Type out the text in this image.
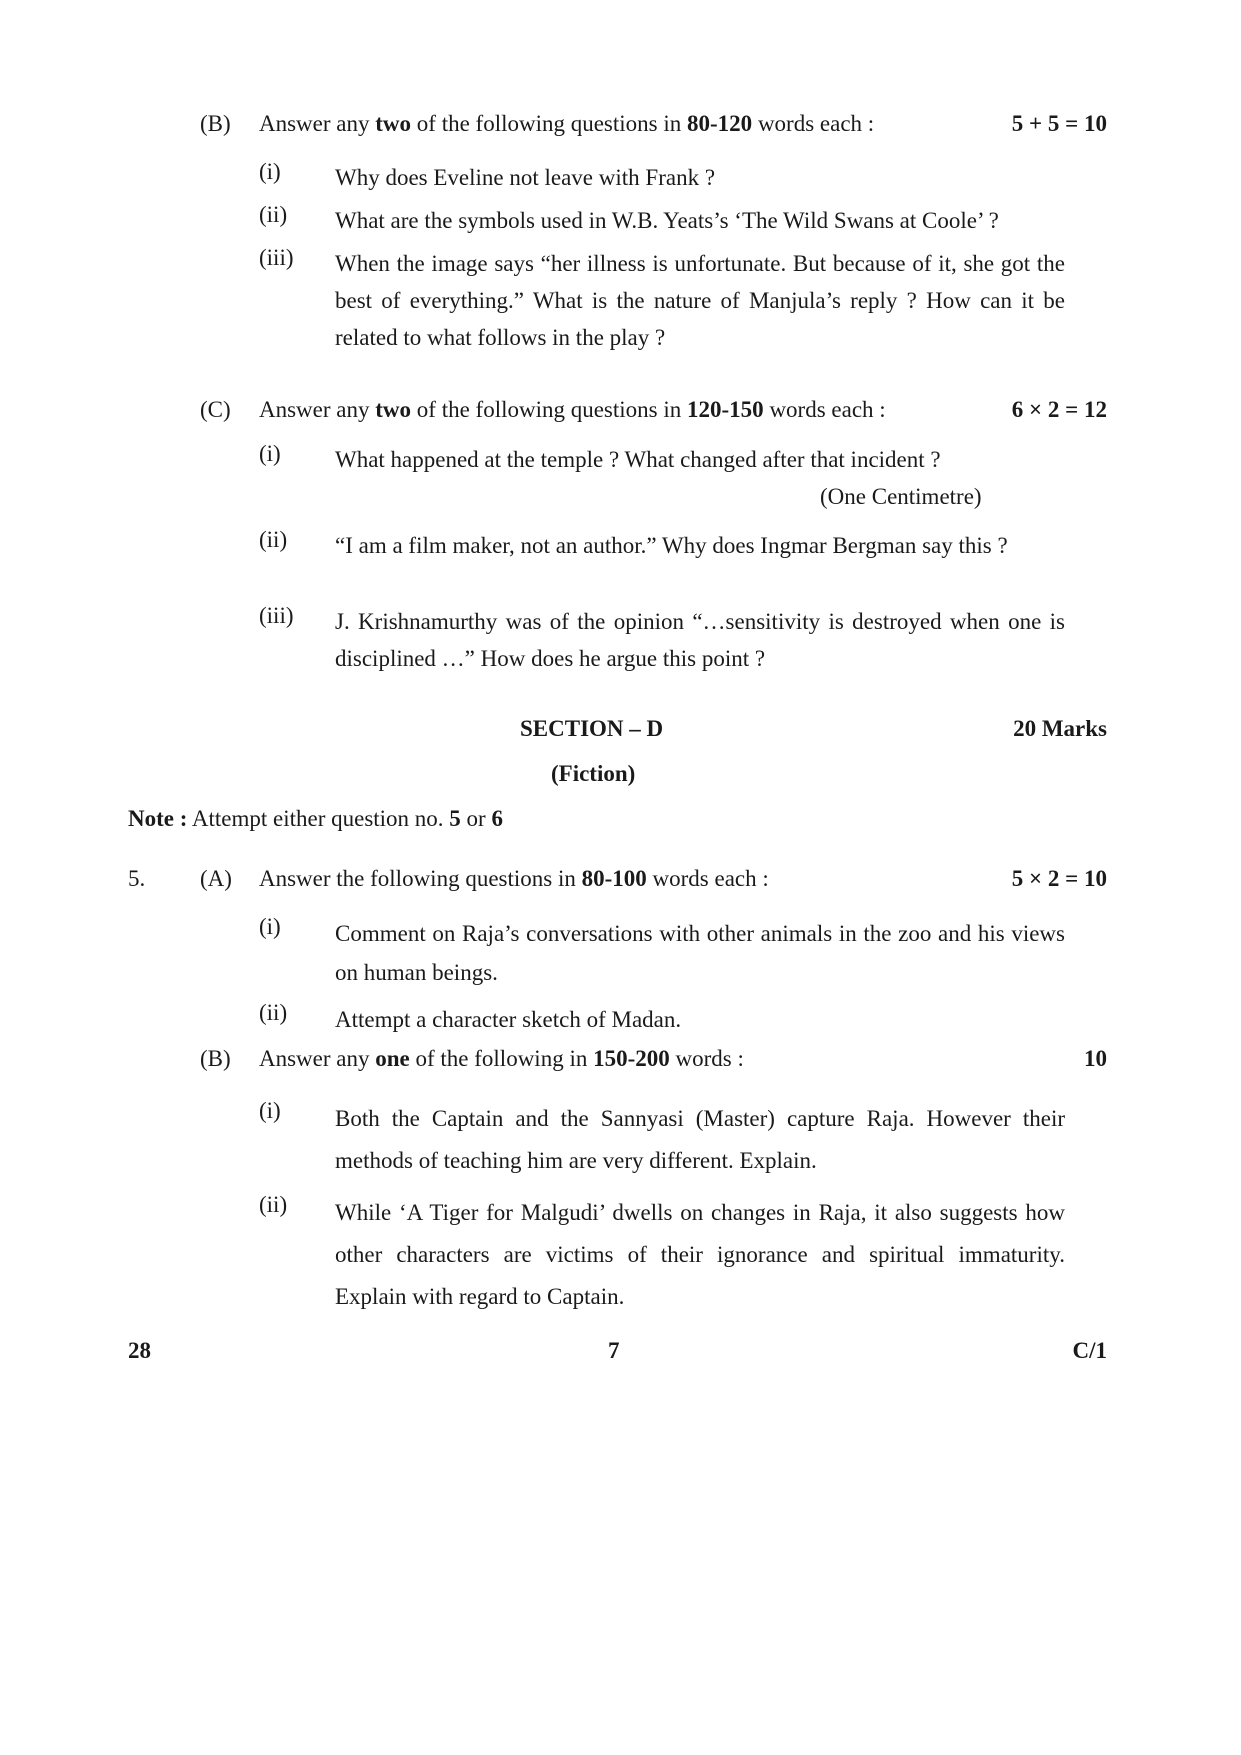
(B) Answer any two of the following questions in 80-120 words each :	5 + 5 = 10
(i) Why does Eveline not leave with Frank ?
(ii) What are the symbols used in W.B. Yeats’s ‘The Wild Swans at Coole’ ?
(iii) When the image says “her illness is unfortunate. But because of it, she got the best of everything.” What is the nature of Manjula’s reply ? How can it be related to what follows in the play ?
(C) Answer any two of the following questions in 120-150 words each :	6 × 2 = 12
(i) What happened at the temple ? What changed after that incident ?
(One Centimetre)
(ii) “I am a film maker, not an author.” Why does Ingmar Bergman say this ?
(iii) J. Krishnamurthy was of the opinion “…sensitivity is destroyed when one is disciplined …” How does he argue this point ?
SECTION – D	20 Marks
(Fiction)
Note : Attempt either question no. 5 or 6
5. (A) Answer the following questions in 80-100 words each :	5 × 2 = 10
(i) Comment on Raja’s conversations with other animals in the zoo and his views on human beings.
(ii) Attempt a character sketch of Madan.
(B) Answer any one of the following in 150-200 words :	10
(i) Both the Captain and the Sannyasi (Master) capture Raja. However their methods of teaching him are very different. Explain.
(ii) While ‘A Tiger for Malgudi’ dwells on changes in Raja, it also suggests how other characters are victims of their ignorance and spiritual immaturity. Explain with regard to Captain.
28	7	C/1
